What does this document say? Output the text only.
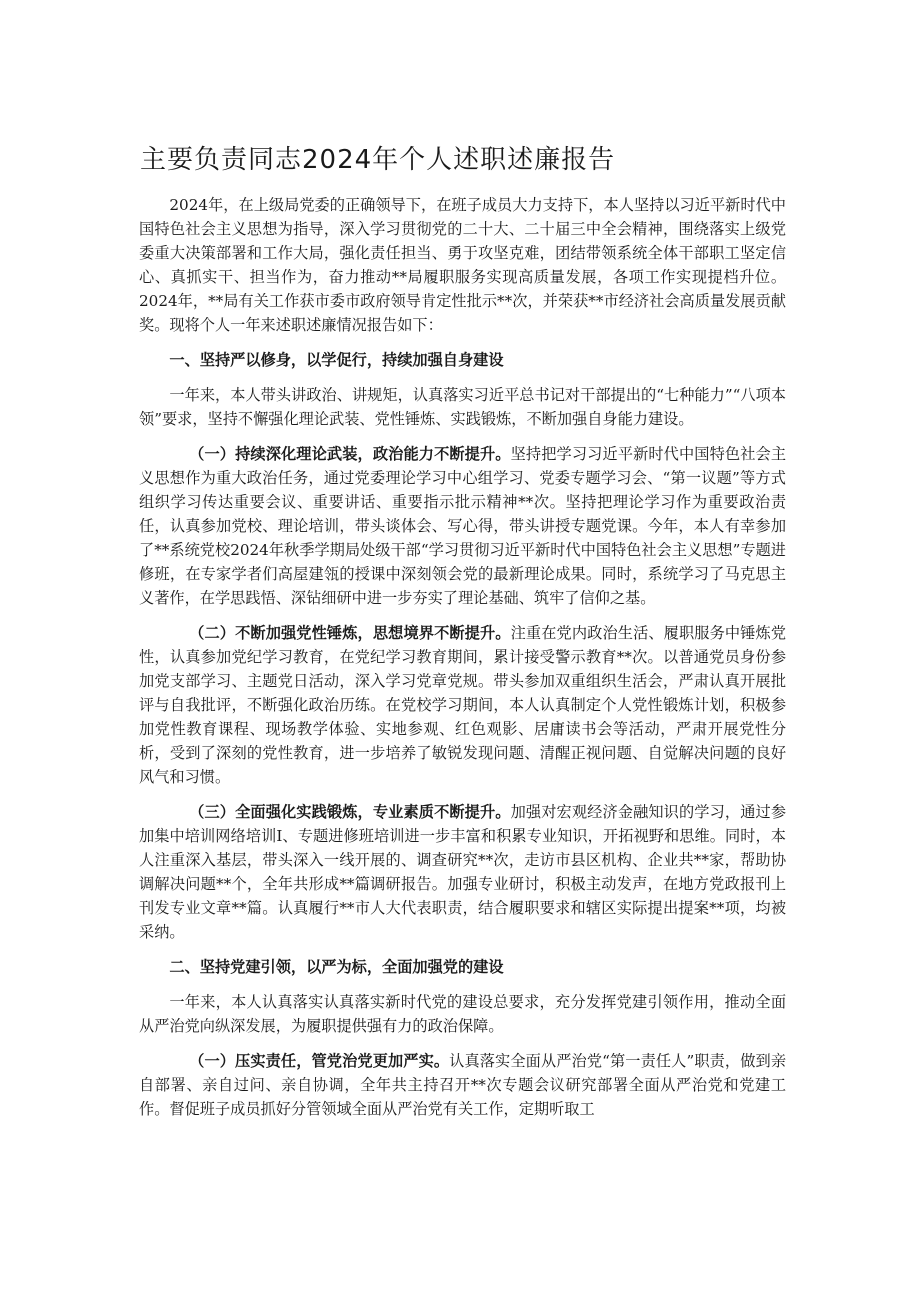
主要负责同志2024年个人述职述廉报告

2024年，在上级局党委的正确领导下，在班子成员大力支持下，本人坚持以习近平新时代中国特色社会主义思想为指导，深入学习贯彻党的二十大、二十届三中全会精神，围绕落实上级党委重大决策部署和工作大局，强化责任担当、勇于攻坚克难，团结带领系统全体干部职工坚定信心、真抓实干、担当作为，奋力推动**局履职服务实现高质量发展，各项工作实现提档升位。2024年，**局有关工作获市委市政府领导肯定性批示**次，并荣获**市经济社会高质量发展贡献奖。现将个人一年来述职述廉情况报告如下：

一、坚持严以修身，以学促行，持续加强自身建设

一年来，本人带头讲政治、讲规矩，认真落实习近平总书记对干部提出的“七种能力”“八项本领”要求，坚持不懈强化理论武装、党性锤炼、实践锻炼，不断加强自身能力建设。

（一）持续深化理论武装，政治能力不断提升。坚持把学习习近平新时代中国特色社会主义思想作为重大政治任务，通过党委理论学习中心组学习、党委专题学习会、“第一议题”等方式组织学习传达重要会议、重要讲话、重要指示批示精神**次。坚持把理论学习作为重要政治责任，认真参加党校、理论培训，带头谈体会、写心得，带头讲授专题党课。今年，本人有幸参加了**系统党校2024年秋季学期局处级干部“学习贯彻习近平新时代中国特色社会主义思想”专题进修班，在专家学者们高屋建瓴的授课中深刻领会党的最新理论成果。同时，系统学习了马克思主义著作，在学思践悟、深钻细研中进一步夯实了理论基础、筑牢了信仰之基。

（二）不断加强党性锤炼，思想境界不断提升。注重在党内政治生活、履职服务中锤炼党性，认真参加党纪学习教育，在党纪学习教育期间，累计接受警示教育**次。以普通党员身份参加党支部学习、主题党日活动，深入学习党章党规。带头参加双重组织生活会，严肃认真开展批评与自我批评，不断强化政治历练。在党校学习期间，本人认真制定个人党性锻炼计划，积极参加党性教育课程、现场教学体验、实地参观、红色观影、居庸读书会等活动，严肃开展党性分析，受到了深刻的党性教育，进一步培养了敏锐发现问题、清醒正视问题、自觉解决问题的良好风气和习惯。

（三）全面强化实践锻炼，专业素质不断提升。加强对宏观经济金融知识的学习，通过参加集中培训网络培训I、专题进修班培训进一步丰富和积累专业知识，开拓视野和思维。同时，本人注重深入基层，带头深入一线开展的、调查研究**次，走访市县区机构、企业共**家，帮助协调解决问题**个，全年共形成**篇调研报告。加强专业研讨，积极主动发声，在地方党政报刊上刊发专业文章**篇。认真履行**市人大代表职责，结合履职要求和辖区实际提出提案**项，均被采纳。

二、坚持党建引领，以严为标，全面加强党的建设

一年来，本人认真落实认真落实新时代党的建设总要求，充分发挥党建引领作用，推动全面从严治党向纵深发展，为履职提供强有力的政治保障。

（一）压实责任，管党治党更加严实。认真落实全面从严治党“第一责任人”职责，做到亲自部署、亲自过问、亲自协调，全年共主持召开**次专题会议研究部署全面从严治党和党建工作。督促班子成员抓好分管领域全面从严治党有关工作，定期听取工
